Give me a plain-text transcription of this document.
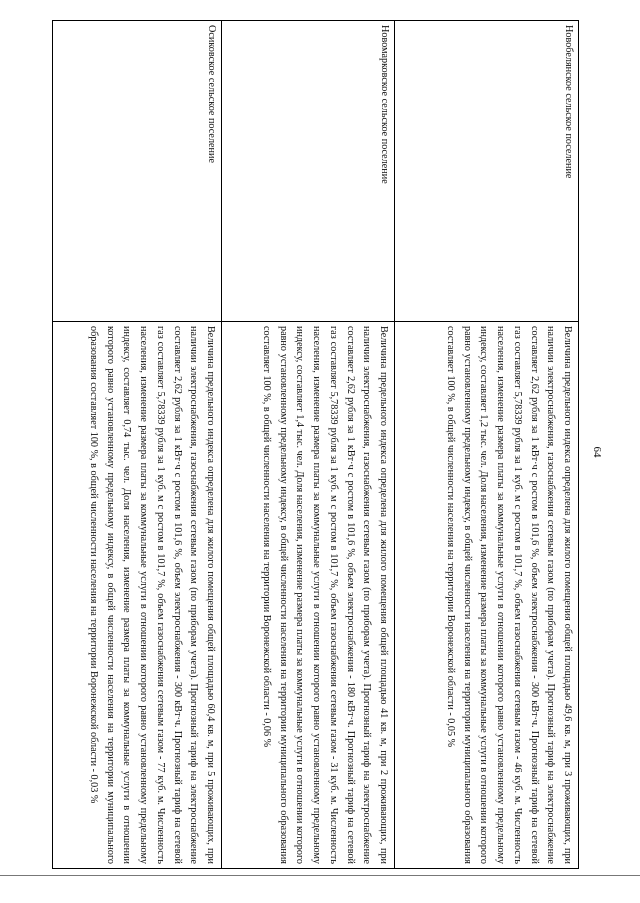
64
Новобелянское сельское поселение	Величина предельного индекса определена для жилого помещения общей площадью 49,6 кв. м, при 3 проживающих, при наличии электроснабжения, газоснабжения сетевым газом (по приборам учета). Прогнозный тариф на электроснабжение составляет 2,62 рубля за 1 кВт·ч с ростом в 101,6 %, объем электроснабжения - 300 кВт·ч. Прогнозный тариф на сетевой газ составляет 5,78339 рубля за 1 куб. м с ростом в 101,7 %, объем газоснабжения сетевым газом - 46 куб. м. Численность населения, изменение размера платы за коммунальные услуги в отношении которого равно установленному предельному индексу, составляет 1,2 тыс. чел. Доля населения, изменение размера платы за коммунальные услуги в отношении которого равно установленному предельному индексу, в общей численности населения на территории муниципального образования составляет 100 %, в общей численности населения на территории Воронежской области - 0,05 %
Новомарковское сельское поселение	Величина предельного индекса определена для жилого помещения общей площадью 41 кв. м, при 2 проживающих, при наличии электроснабжения, газоснабжения сетевым газом (по приборам учета). Прогнозный тариф на электроснабжение составляет 2,62 рубля за 1 кВт·ч с ростом в 101,6 %, объем электроснабжения - 180 кВт·ч. Прогнозный тариф на сетевой газ составляет 5,78339 рубля за 1 куб. м с ростом в 101,7 %, объем газоснабжения сетевым газом - 31 куб. м. Численность населения, изменение размера платы за коммунальные услуги в отношении которого равно установленному предельному индексу, составляет 1,4 тыс. чел. Доля населения, изменение размера платы за коммунальные услуги в отношении которого равно установленному предельному индексу, в общей численности населения на территории муниципального образования составляет 100 %, в общей численности населения на территории Воронежской области - 0,06 %
Осиковское сельское поселение	Величина предельного индекса определена для жилого помещения общей площадью 60,4 кв. м, при 5 проживающих, при наличии электроснабжения, газоснабжения сетевым газом (по приборам учета). Прогнозный тариф на электроснабжение составляет 2,62 рубля за 1 кВт·ч с ростом в 101,6 %, объем электроснабжения - 300 кВт·ч. Прогнозный тариф на сетевой газ составляет 5,78339 рубля за 1 куб. м с ростом в 101,7 %, объем газоснабжения сетевым газом - 77 куб. м. Численность населения, изменение размера платы за коммунальные услуги в отношении которого равно установленному предельному индексу, составляет 0,74 тыс. чел. Доля населения, изменение размера платы за коммунальные услуги в отношении которого равно установленному предельному индексу, в общей численности населения на территории муниципального образования составляет 100 %, в общей численности населения на территории Воронежской области - 0,03 %
